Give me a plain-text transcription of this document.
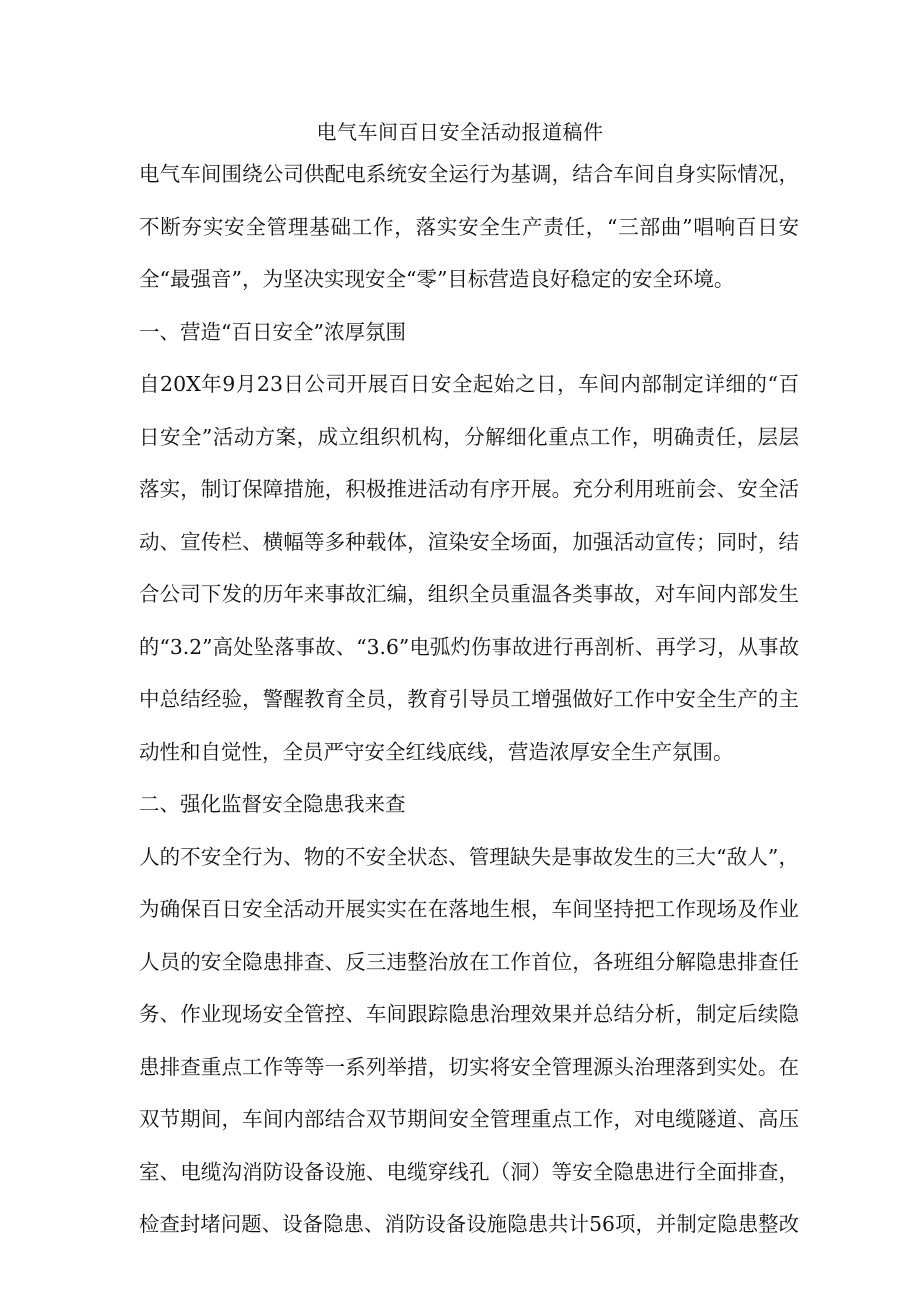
电气车间百日安全活动报道稿件
电气车间围绕公司供配电系统安全运行为基调，结合车间自身实际情况，
不断夯实安全管理基础工作，落实安全生产责任，“三部曲”唱响百日安
全“最强音”，为坚决实现安全“零”目标营造良好稳定的安全环境。
一、营造“百日安全”浓厚氛围
自20X年9月23日公司开展百日安全起始之日，车间内部制定详细的“百
日安全”活动方案，成立组织机构，分解细化重点工作，明确责任，层层
落实，制订保障措施，积极推进活动有序开展。充分利用班前会、安全活
动、宣传栏、横幅等多种载体，渲染安全场面，加强活动宣传；同时，结
合公司下发的历年来事故汇编，组织全员重温各类事故，对车间内部发生
的“3.2”高处坠落事故、“3.6”电弧灼伤事故进行再剖析、再学习，从事故
中总结经验，警醒教育全员，教育引导员工增强做好工作中安全生产的主
动性和自觉性，全员严守安全红线底线，营造浓厚安全生产氛围。
二、强化监督安全隐患我来查
人的不安全行为、物的不安全状态、管理缺失是事故发生的三大“敌人”，
为确保百日安全活动开展实实在在落地生根，车间坚持把工作现场及作业
人员的安全隐患排查、反三违整治放在工作首位，各班组分解隐患排查任
务、作业现场安全管控、车间跟踪隐患治理效果并总结分析，制定后续隐
患排查重点工作等等一系列举措，切实将安全管理源头治理落到实处。在
双节期间，车间内部结合双节期间安全管理重点工作，对电缆隧道、高压
室、电缆沟消防设备设施、电缆穿线孔（洞）等安全隐患进行全面排查，
检查封堵问题、设备隐患、消防设备设施隐患共计56项，并制定隐患整改
